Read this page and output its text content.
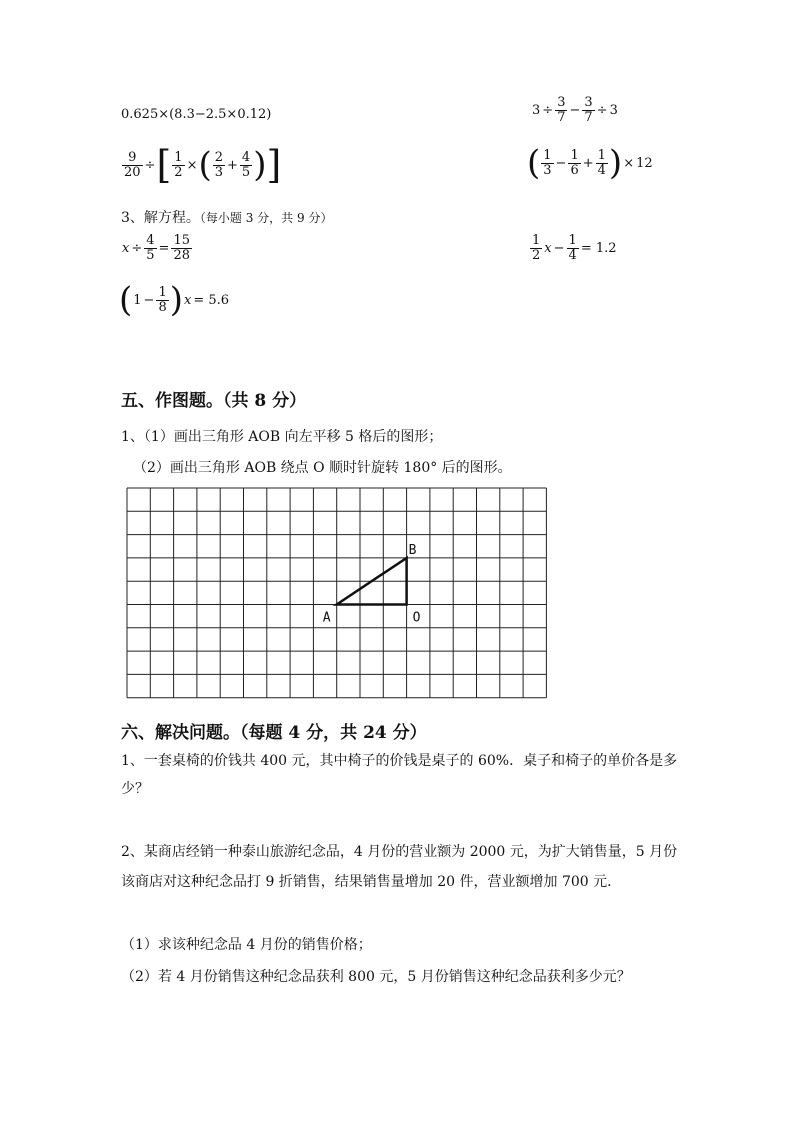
0.625×(8.3−2.5×0.12)	$3 \div \frac{3}{7} - \frac{3}{7} \div 3$
$\frac{9}{20}$ ÷[ $\frac{1}{2}$ ×( $\frac{2}{3} + \frac{4}{5}$ )]	( $\frac{1}{3} - \frac{1}{6} + \frac{1}{4}$ )× 12
3、解方程。（每小题 3 分，共 9 分）
$x \div \frac{4}{5} = \frac{15}{28}$	$\frac{1}{2}$ $x - \frac{1}{4} = 1.2$
$(1 - \frac{1}{8} )x = 5.6$
五、作图题。（共 8 分）
1、（1）画出三角形 AOB 向左平移 5 格后的图形；
（2）画出三角形 AOB 绕点 O 顺时针旋转 180° 后的图形。
A
B
O
六、解决问题。（每题 4 分，共 24 分）
1、一套桌椅的价钱共 400 元，其中椅子的价钱是桌子的 60%．桌子和椅子的单价各是多少？
2、某商店经销一种泰山旅游纪念品，4 月份的营业额为 2000 元，为扩大销售量，5 月份该商店对这种纪念品打 9 折销售，结果销售量增加 20 件，营业额增加 700 元．
（1）求该种纪念品 4 月份的销售价格；
（2）若 4 月份销售这种纪念品获利 800 元，5 月份销售这种纪念品获利多少元？
